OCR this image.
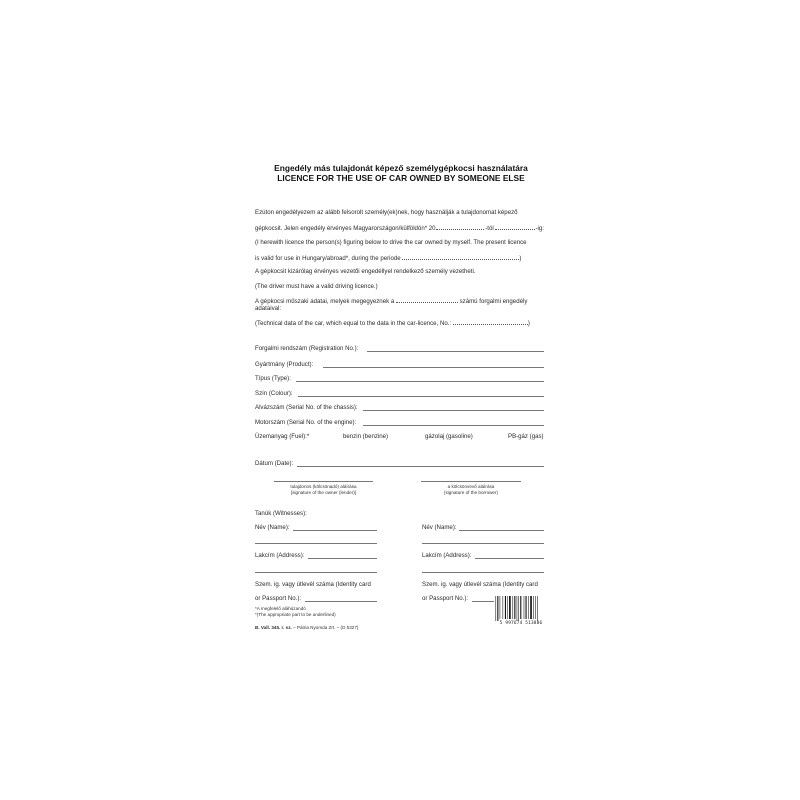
Engedély más tulajdonát képező személygépkocsi használatára
LICENCE FOR THE USE OF CAR OWNED BY SOMEONE ELSE
Ezúton engedélyezem az alább felsorolt személy(ek)nek, hogy használják a tulajdonomat képező
gépkocsit. Jelen engedély érvényes Magyarországon/külföldön* 20	-tól	-ig:
(I herewith licence the person(s) figuring below to drive the car owned by myself. The present licence
is valid for use in Hungary/abroad*, during the periode	)
A gépkocsit kizárólag érvényes vezetői engedéllyel rendelkező személy vezetheti.
(The driver must have a valid driving licence.)
A gépkocsi műszaki adatai, melyek megegyeznek a	számú forgalmi engedély
adataival:
(Technical data of the car, which equal to the data in the car-licence, No.:	)
Forgalmi rendszám (Registration No.):
Gyártmány (Product):
Típus (Type):
Szín (Colour):
Alvázszám (Serial No. of the chassis):
Motorszám (Serial No. of the engine):
Üzemanyag (Fuel):*	benzin (benzine)	gázolaj (gasoline)	PB-gáz (gas)
Dátum (Date):
tulajdonos (kölcsönadó) aláírása
[signature of the owner (lender)]
a kölcsönvevő aláírása
(signature of the borrower)
Tanúk (Witnesses):
Név (Name):
Lakcím (Address):
Szem. ig. vagy útlevél száma (Identity card
or Passport No.):
Név (Name):
Lakcím (Address):
Szem. ig. vagy útlevél száma (Identity card
or Passport No.):
*A megfelelő aláhúzandó
*(The appropriate part to be underlined)
B. Vall. 345. r. sz. – Pátria Nyomda Zrt. – (D 5327)
5 997674 513886
